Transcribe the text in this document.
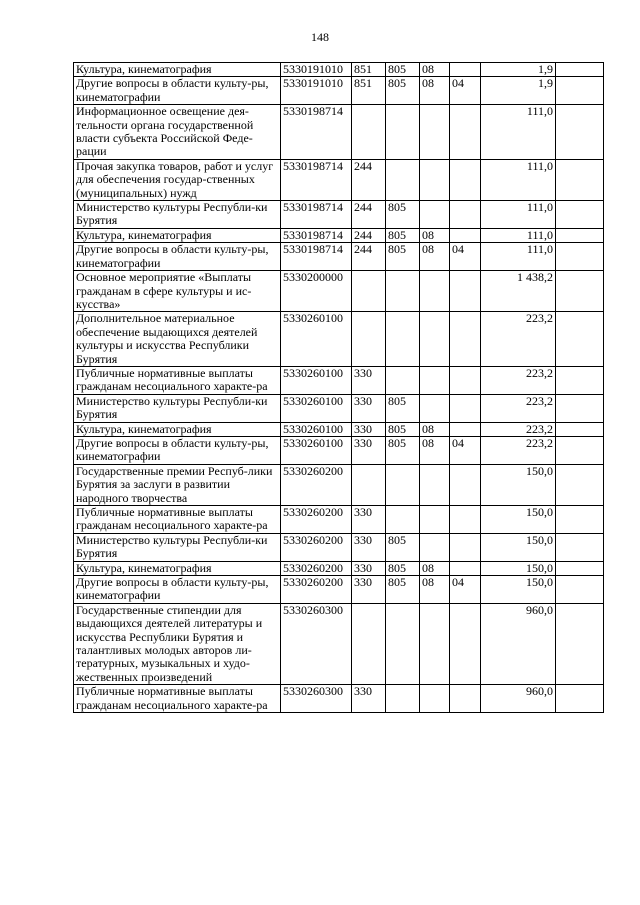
148
Культура, кинематография	5330191010	851	805	08		1,9	
Другие вопросы в области культу-ры, кинематографии	5330191010	851	805	08	04	1,9	
Информационное освещение дея-тельности органа государственной власти субъекта Российской Феде-рации	5330198714					111,0	
Прочая закупка товаров, работ и услуг для обеспечения государ-ственных (муниципальных) нужд	5330198714	244				111,0	
Министерство культуры Республи-ки Бурятия	5330198714	244	805			111,0	
Культура, кинематография	5330198714	244	805	08		111,0	
Другие вопросы в области культу-ры, кинематографии	5330198714	244	805	08	04	111,0	
Основное мероприятие «Выплаты гражданам в сфере культуры и ис-кусства»	5330200000					1 438,2	
Дополнительное материальное обеспечение выдающихся деятелей культуры и искусства Республики Бурятия	5330260100					223,2	
Публичные нормативные выплаты гражданам несоциального характе-ра	5330260100	330				223,2	
Министерство культуры Республи-ки Бурятия	5330260100	330	805			223,2	
Культура, кинематография	5330260100	330	805	08		223,2	
Другие вопросы в области культу-ры, кинематографии	5330260100	330	805	08	04	223,2	
Государственные премии Респуб-лики Бурятия за заслуги в развитии народного творчества	5330260200					150,0	
Публичные нормативные выплаты гражданам несоциального характе-ра	5330260200	330				150,0	
Министерство культуры Республи-ки Бурятия	5330260200	330	805			150,0	
Культура, кинематография	5330260200	330	805	08		150,0	
Другие вопросы в области культу-ры, кинематографии	5330260200	330	805	08	04	150,0	
Государственные стипендии для выдающихся деятелей литературы и искусства Республики Бурятия и талантливых молодых авторов ли-тературных, музыкальных и худо-жественных произведений	5330260300					960,0	
Публичные нормативные выплаты гражданам несоциального характе-ра	5330260300	330				960,0	
